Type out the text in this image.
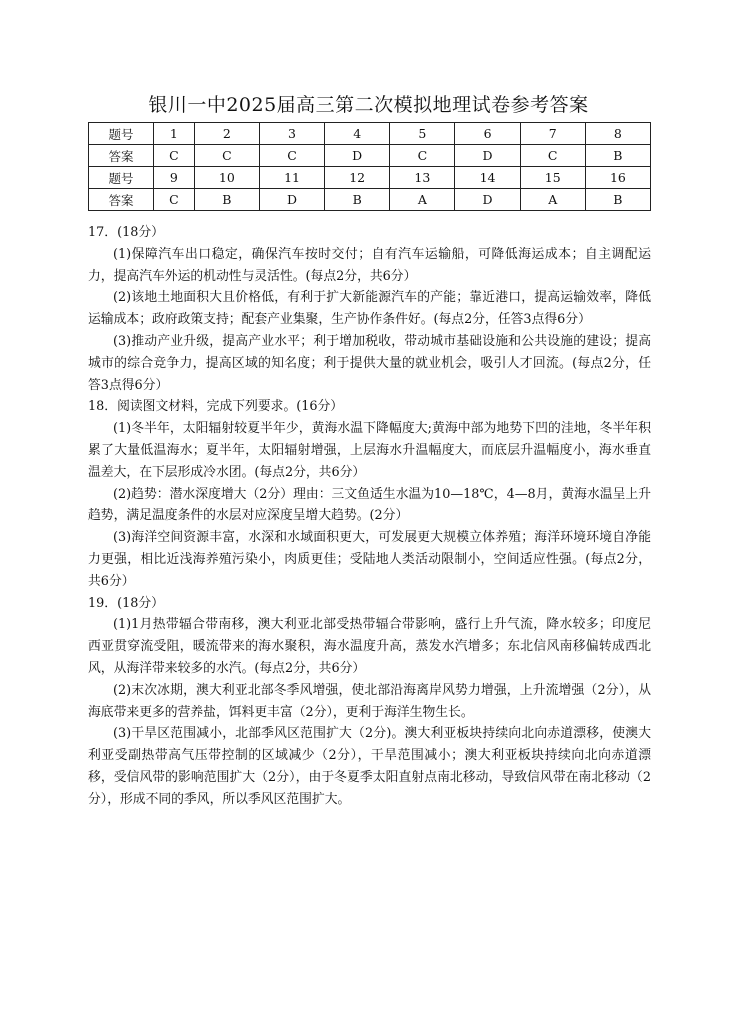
银川一中2025届高三第二次模拟地理试卷参考答案
题号	1	2	3	4	5	6	7	8
答案	C	C	C	D	C	D	C	B
题号	9	10	11	12	13	14	15	16
答案	C	B	D	B	A	D	A	B

17．(18分）

(1)保障汽车出口稳定，确保汽车按时交付；自有汽车运输船，可降低海运成本；自主调配运力，提高汽车外运的机动性与灵活性。(每点2分，共6分）

(2)该地土地面积大且价格低，有利于扩大新能源汽车的产能；靠近港口，提高运输效率，降低运输成本；政府政策支持；配套产业集聚，生产协作条件好。(每点2分，任答3点得6分）

(3)推动产业升级，提高产业水平；利于增加税收，带动城市基础设施和公共设施的建设；提高城市的综合竞争力，提高区域的知名度；利于提供大量的就业机会，吸引人才回流。(每点2分，任答3点得6分）

18．阅读图文材料，完成下列要求。(16分）

(1)冬半年，太阳辐射较夏半年少，黄海水温下降幅度大;黄海中部为地势下凹的洼地，冬半年积累了大量低温海水；夏半年，太阳辐射增强，上层海水升温幅度大，而底层升温幅度小，海水垂直温差大，在下层形成冷水团。(每点2分，共6分）

(2)趋势：潜水深度增大（2分）理由：三文鱼适生水温为10—18℃，4—8月，黄海水温呈上升趋势，满足温度条件的水层对应深度呈增大趋势。(2分）

(3)海洋空间资源丰富，水深和水域面积更大，可发展更大规模立体养殖；海洋环境环境自净能力更强，相比近浅海养殖污染小，肉质更佳；受陆地人类活动限制小，空间适应性强。(每点2分，共6分）

19．(18分）

(1)1月热带辐合带南移，澳大利亚北部受热带辐合带影响，盛行上升气流，降水较多；印度尼西亚贯穿流受阻，暖流带来的海水聚积，海水温度升高，蒸发水汽增多；东北信风南移偏转成西北风，从海洋带来较多的水汽。(每点2分，共6分）

(2)末次冰期，澳大利亚北部冬季风增强，使北部沿海离岸风势力增强，上升流增强（2分），从海底带来更多的营养盐，饵料更丰富（2分），更利于海洋生物生长。

(3)干旱区范围减小，北部季风区范围扩大（2分)。澳大利亚板块持续向北向赤道漂移，使澳大利亚受副热带高气压带控制的区域减少（2分），干旱范围减小；澳大利亚板块持续向北向赤道漂移，受信风带的影响范围扩大（2分），由于冬夏季太阳直射点南北移动，导致信风带在南北移动（2分），形成不同的季风，所以季风区范围扩大。
